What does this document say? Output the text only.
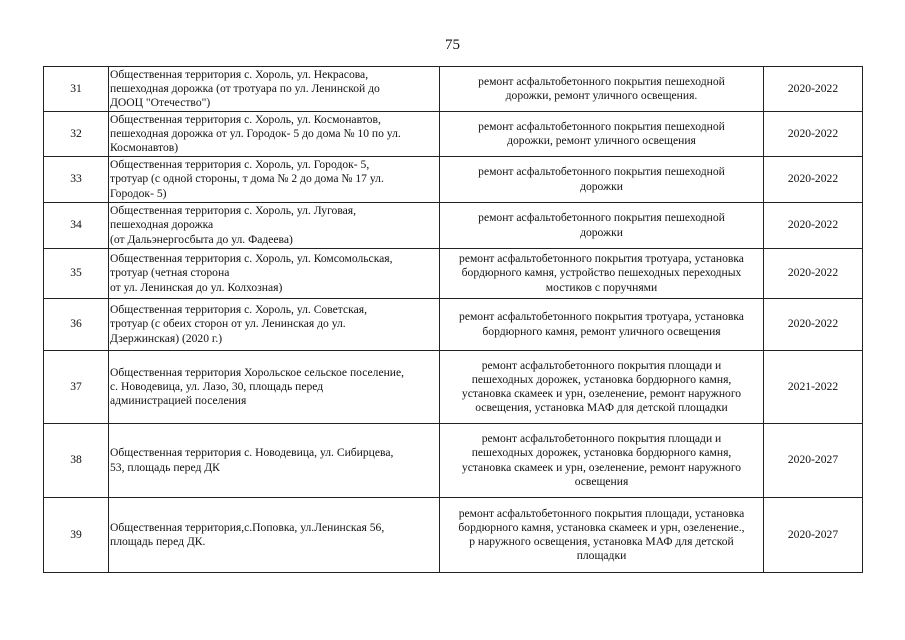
75
31	Общественная территория с. Хороль, ул. Некрасова,
пешеходная дорожка (от тротуара по ул. Ленинской до
ДООЦ "Отечество")	ремонт асфальтобетонного покрытия пешеходной
дорожки, ремонт уличного освещения.	2020-2022
32	Общественная территория с. Хороль, ул. Космонавтов,
пешеходная дорожка от ул. Городок- 5 до дома № 10 по ул.
Космонавтов)	ремонт асфальтобетонного покрытия пешеходной
дорожки, ремонт уличного освещения	2020-2022
33	Общественная территория с. Хороль, ул. Городок- 5,
тротуар (с одной стороны, т дома № 2 до дома № 17 ул.
Городок- 5)	ремонт асфальтобетонного покрытия пешеходной
дорожки	2020-2022
34	Общественная территория с. Хороль, ул. Луговая,
пешеходная дорожка
(от Дальэнергосбыта до ул. Фадеева)	ремонт асфальтобетонного покрытия пешеходной
дорожки	2020-2022
35	Общественная территория с. Хороль, ул. Комсомольская,
тротуар (четная сторона
от ул. Ленинская до ул. Колхозная)	ремонт асфальтобетонного покрытия тротуара, установка
бордюрного камня, устройство пешеходных переходных
мостиков с поручнями	2020-2022
36	Общественная территория с. Хороль, ул. Советская,
тротуар (с обеих сторон от ул. Ленинская до ул.
Дзержинская) (2020 г.)	ремонт асфальтобетонного покрытия тротуара, установка
бордюрного камня, ремонт уличного освещения	2020-2022
37	Общественная территория Хорольское сельское поселение,
с. Новодевица, ул. Лазо, 30, площадь перед
администрацией поселения	ремонт асфальтобетонного покрытия площади и
пешеходных дорожек, установка бордюрного камня,
установка скамеек и урн, озеленение, ремонт наружного
освещения, установка МАФ для детской площадки	2021-2022
38	Общественная территория с. Новодевица, ул. Сибирцева,
53, площадь перед ДК	ремонт асфальтобетонного покрытия площади и
пешеходных дорожек, установка бордюрного камня,
установка скамеек и урн, озеленение, ремонт наружного
освещения	2020-2027
39	Общественная территория,с.Поповка, ул.Ленинская 56,
площадь перед ДК.	ремонт асфальтобетонного покрытия площади, установка
бордюрного камня, установка скамеек и урн, озеленение.,
р наружного освещения, установка МАФ для детской
площадки	2020-2027
